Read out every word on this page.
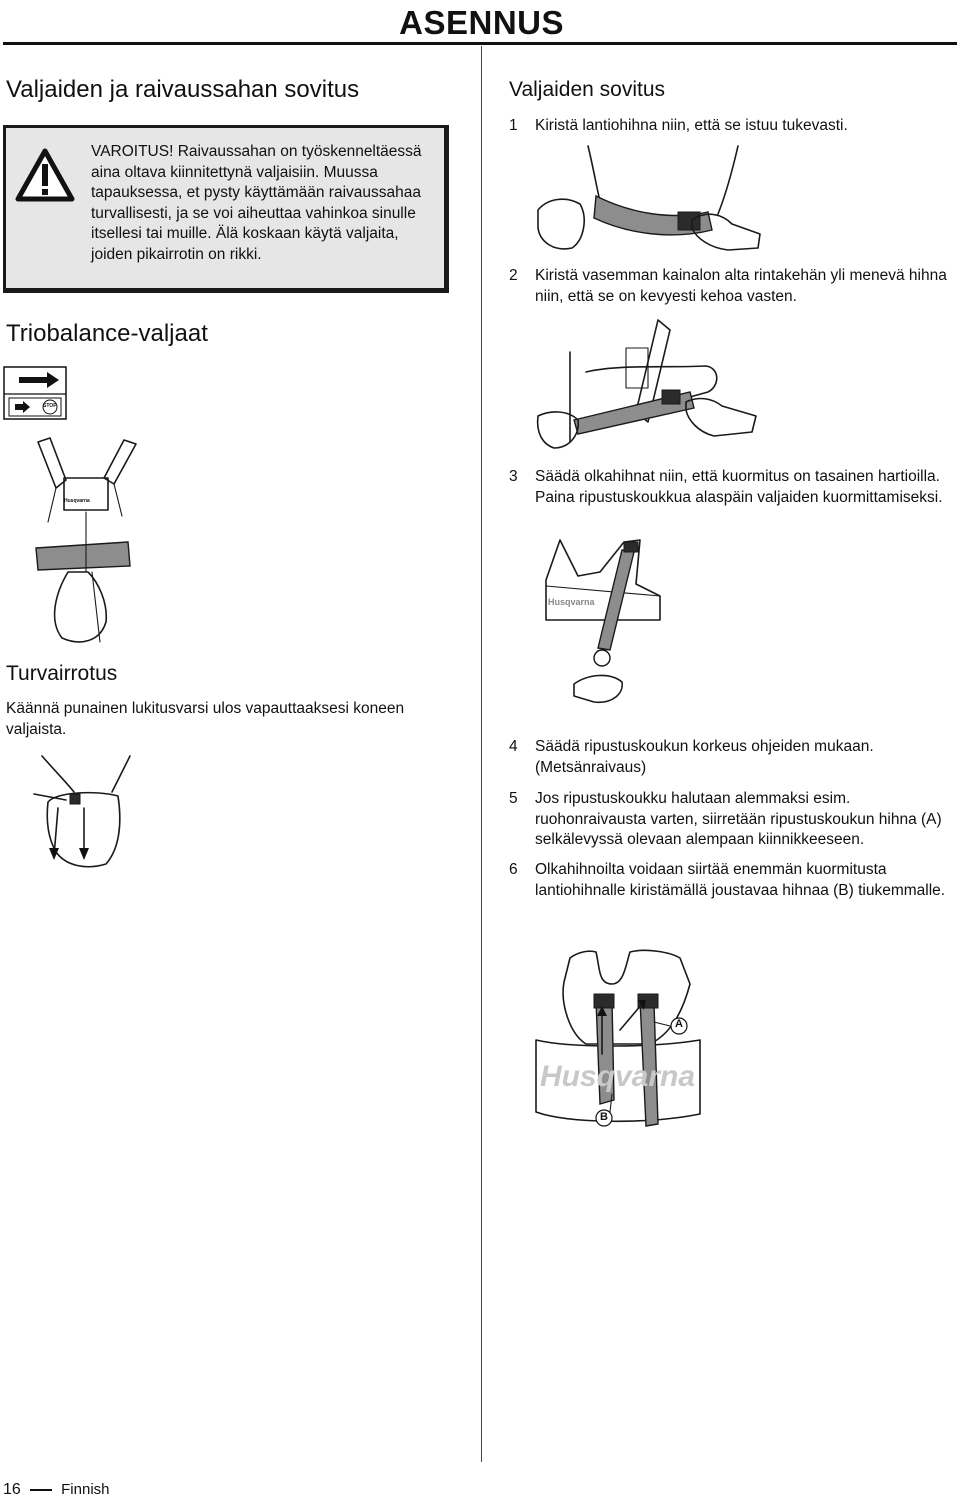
ASENNUS
Valjaiden ja raivaussahan sovitus
VAROITUS! Raivaussahan on työskenneltäessä aina oltava kiinnitettynä valjaisiin. Muussa tapauksessa, et pysty käyttämään raivaussahaa turvallisesti, ja se voi aiheuttaa vahinkoa sinulle itsellesi tai muille. Älä koskaan käytä valjaita, joiden pikairrotin on rikki.
Triobalance-valjaat
STOP
Husqvarna
Turvairrotus
Käännä punainen lukitusvarsi ulos vapauttaaksesi koneen valjaista.
Valjaiden sovitus
1 Kiristä lantiohihna niin, että se istuu tukevasti.
2 Kiristä vasemman kainalon alta rintakehän yli menevä hihna niin, että se on kevyesti kehoa vasten.
3 Säädä olkahihnat niin, että kuormitus on tasainen hartioilla. Paina ripustuskoukkua alaspäin valjaiden kuormittamiseksi.
Husqvarna
4 Säädä ripustuskoukun korkeus ohjeiden mukaan. (Metsänraivaus)
5 Jos ripustuskoukku halutaan alemmaksi esim. ruohonraivausta varten, siirretään ripustuskoukun hihna (A) selkälevyssä olevaan alempaan kiinnikkeeseen.
6 Olkahihnoilta voidaan siirtää enemmän kuormitusta lantiohihnalle kiristämällä joustavaa hihnaa (B) tiukemmalle.
A
B
Husqvarna
16	Finnish
